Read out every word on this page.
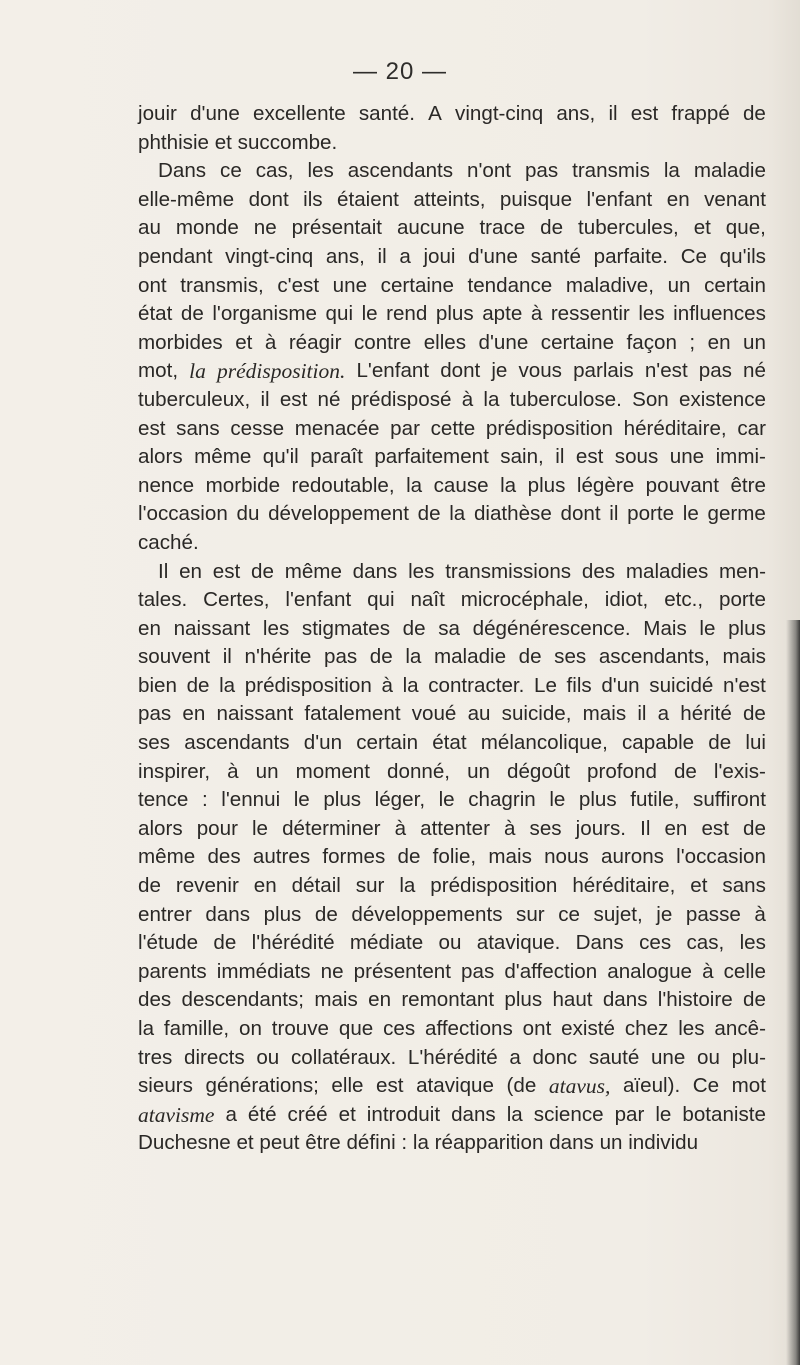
— 20 —
jouir d'une excellente santé. A vingt-cinq ans, il est frappé de
phthisie
et
succombe.
Dans ce cas, les ascendants n'ont pas transmis la maladie
elle-même dont ils étaient atteints, puisque l'enfant en venant
au monde ne présentait aucune trace de tubercules, et que,
pendant vingt-cinq ans, il a joui d'une santé parfaite. Ce qu'ils
ont transmis, c'est une certaine tendance maladive, un certain
état de l'organisme qui le rend plus apte à ressentir les influences
morbides et à réagir contre elles d'une certaine façon ; en un
mot, la prédisposition. L'enfant dont je vous parlais n'est pas né
tuberculeux, il est né prédisposé à la tuberculose. Son existence
est sans cesse menacée par cette prédisposition héréditaire, car
alors même qu'il paraît parfaitement sain, il est sous une immi-
nence morbide redoutable, la cause la plus légère pouvant être
l'occasion du développement de la diathèse dont il porte le germe
caché.
Il en est de même dans les transmissions des maladies men-
tales. Certes, l'enfant qui naît microcéphale, idiot, etc., porte
en naissant les stigmates de sa dégénérescence. Mais le plus
souvent il n'hérite pas de la maladie de ses ascendants, mais
bien de la prédisposition à la contracter. Le fils d'un suicidé n'est
pas en naissant fatalement voué au suicide, mais il a hérité de
ses ascendants d'un certain état mélancolique, capable de lui
inspirer, à un moment donné, un dégoût profond de l'exis-
tence : l'ennui le plus léger, le chagrin le plus futile, suffiront
alors pour le déterminer à attenter à ses jours. Il en est de
même des autres formes de folie, mais nous aurons l'occasion
de revenir en détail sur la prédisposition héréditaire, et sans
entrer dans plus de développements sur ce sujet, je passe à
l'étude de l'hérédité médiate ou atavique. Dans ces cas, les
parents immédiats ne présentent pas d'affection analogue à celle
des descendants; mais en remontant plus haut dans l'histoire de
la famille, on trouve que ces affections ont existé chez les ancê-
tres directs ou collatéraux. L'hérédité a donc sauté une ou plu-
sieurs générations; elle est atavique (de atavus, aïeul). Ce mot
atavisme a été créé et introduit dans la science par le botaniste
Duchesne
et
peut
être
défini
:
la
réapparition
dans
un
individu
